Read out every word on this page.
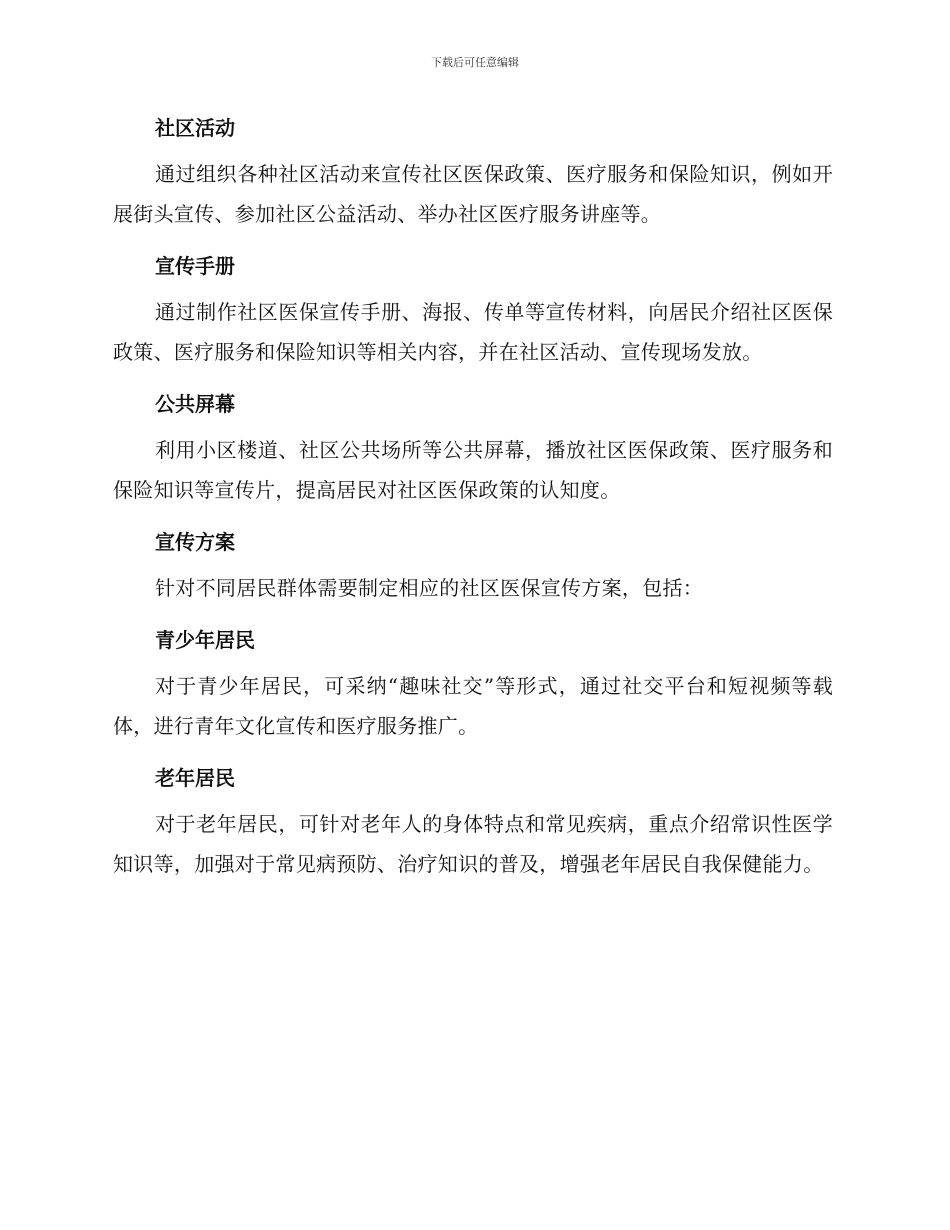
下载后可任意编辑
社区活动

通过组织各种社区活动来宣传社区医保政策、医疗服务和保险知识，例如开展街头宣传、参加社区公益活动、举办社区医疗服务讲座等。

宣传手册

通过制作社区医保宣传手册、海报、传单等宣传材料，向居民介绍社区医保政策、医疗服务和保险知识等相关内容，并在社区活动、宣传现场发放。

公共屏幕

利用小区楼道、社区公共场所等公共屏幕，播放社区医保政策、医疗服务和保险知识等宣传片，提高居民对社区医保政策的认知度。

宣传方案

针对不同居民群体需要制定相应的社区医保宣传方案，包括：

青少年居民

对于青少年居民，可采纳“趣味社交”等形式，通过社交平台和短视频等载体，进行青年文化宣传和医疗服务推广。

老年居民

对于老年居民，可针对老年人的身体特点和常见疾病，重点介绍常识性医学知识等，加强对于常见病预防、治疗知识的普及，增强老年居民自我保健能力。
